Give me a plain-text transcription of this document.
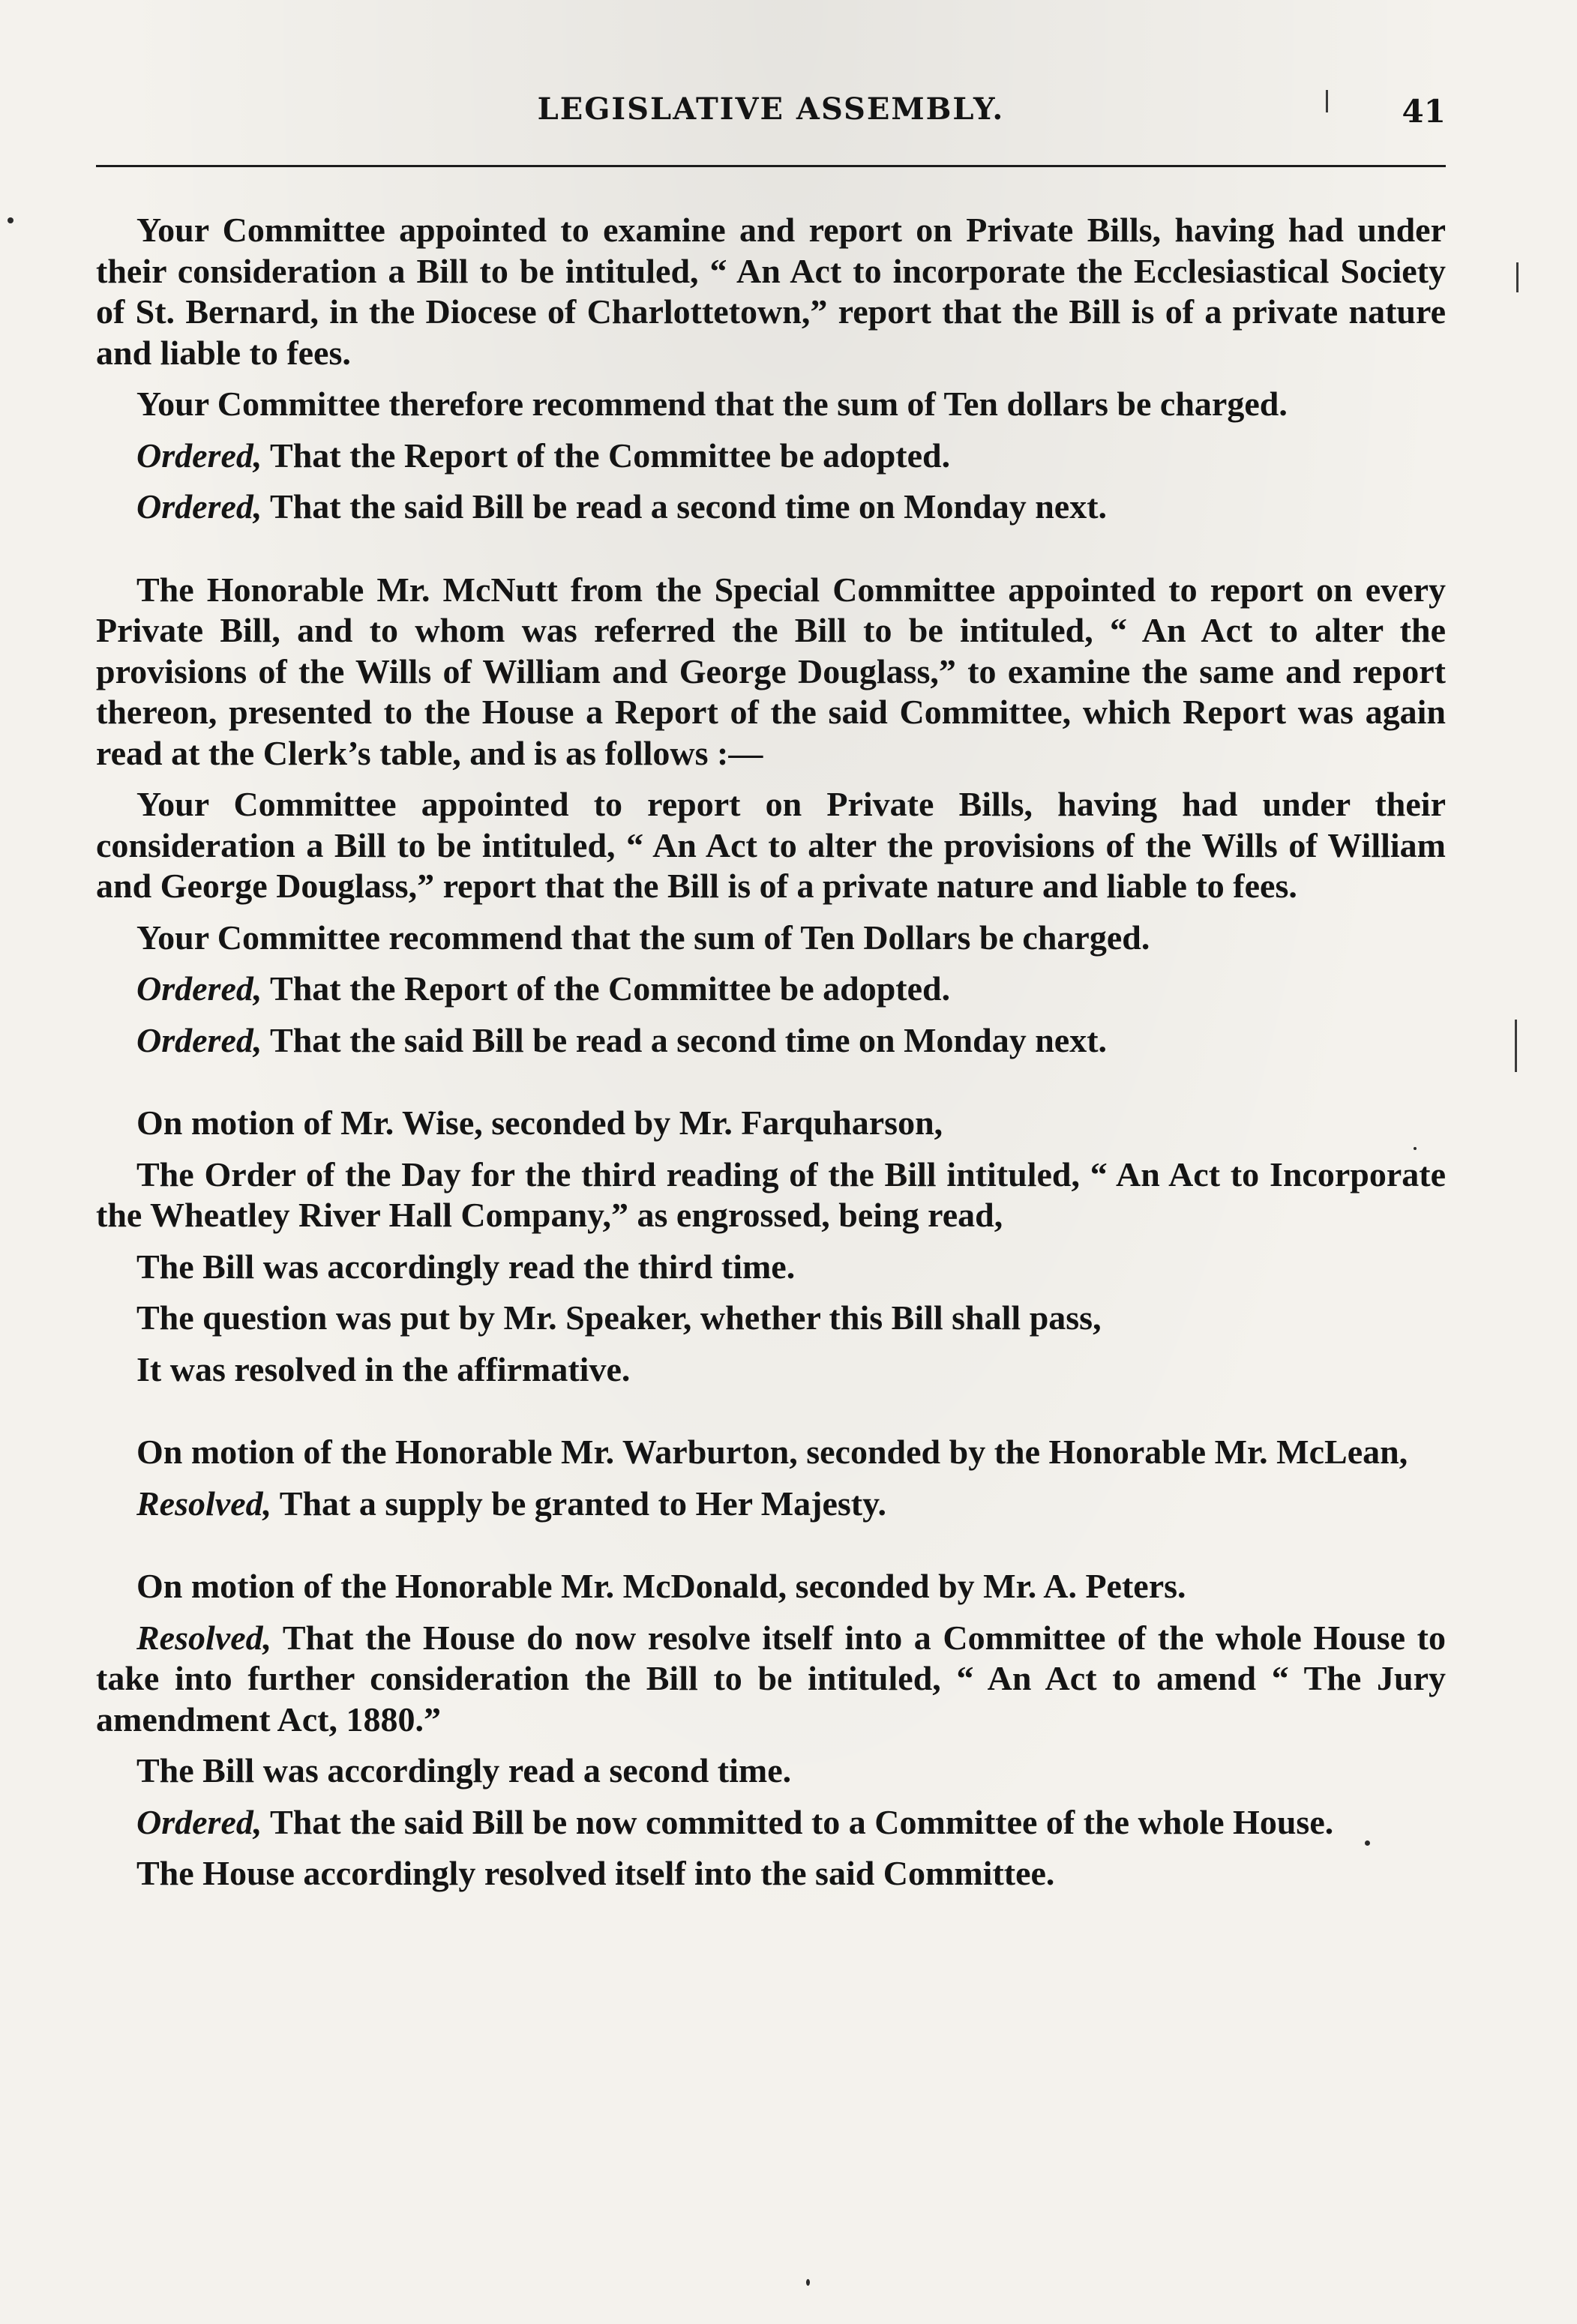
LEGISLATIVE ASSEMBLY.	41

Your Committee appointed to examine and report on Private Bills, having had under their consideration a Bill to be intituled, “ An Act to incorporate the Ecclesiastical Society of St. Bernard, in the Diocese of Charlottetown,” report that the Bill is of a private nature and liable to fees.

Your Committee therefore recommend that the sum of Ten dollars be charged.

Ordered, That the Report of the Committee be adopted.

Ordered, That the said Bill be read a second time on Monday next.

The Honorable Mr. McNutt from the Special Committee appointed to report on every Private Bill, and to whom was referred the Bill to be intituled, “ An Act to alter the provisions of the Wills of William and George Douglass,” to examine the same and report thereon, presented to the House a Report of the said Committee, which Report was again read at the Clerk’s table, and is as follows :—

Your Committee appointed to report on Private Bills, having had under their consideration a Bill to be intituled, “ An Act to alter the provisions of the Wills of William and George Douglass,” report that the Bill is of a private nature and liable to fees.

Your Committee recommend that the sum of Ten Dollars be charged.

Ordered, That the Report of the Committee be adopted.

Ordered, That the said Bill be read a second time on Monday next.

On motion of Mr. Wise, seconded by Mr. Farquharson,

The Order of the Day for the third reading of the Bill intituled, “ An Act to Incorporate the Wheatley River Hall Company,” as engrossed, being read,

The Bill was accordingly read the third time.

The question was put by Mr. Speaker, whether this Bill shall pass,

It was resolved in the affirmative.

On motion of the Honorable Mr. Warburton, seconded by the Honorable Mr. McLean,

Resolved, That a supply be granted to Her Majesty.

On motion of the Honorable Mr. McDonald, seconded by Mr. A. Peters.

Resolved, That the House do now resolve itself into a Committee of the whole House to take into further consideration the Bill to be intituled, “ An Act to amend “ The Jury amendment Act, 1880.”

The Bill was accordingly read a second time.

Ordered, That the said Bill be now committed to a Committee of the whole House.

The House accordingly resolved itself into the said Committee.
